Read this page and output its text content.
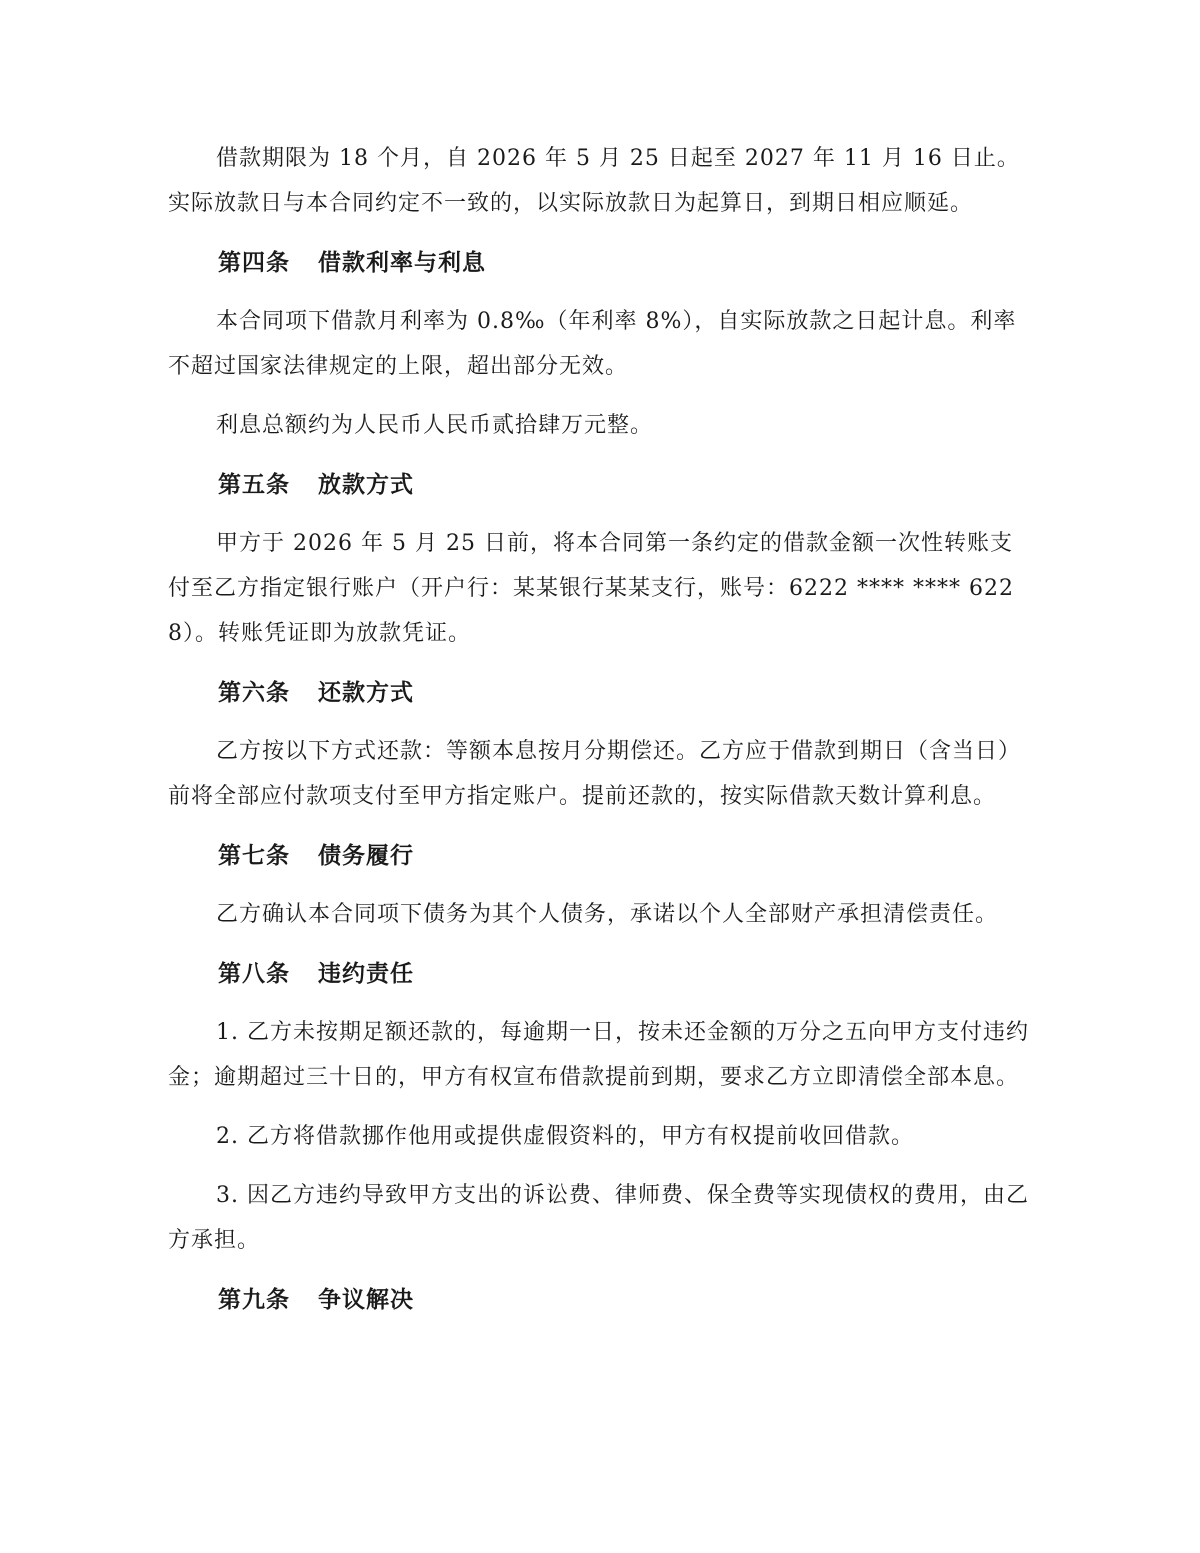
借款期限为 18 个月，自 2026 年 5 月 25 日起至 2027 年 11 月 16 日止。实际放款日与本合同约定不一致的，以实际放款日为起算日，到期日相应顺延。

第四条 借款利率与利息

本合同项下借款月利率为 0.8‰（年利率 8%），自实际放款之日起计息。利率不超过国家法律规定的上限，超出部分无效。

利息总额约为人民币人民币贰拾肆万元整。

第五条 放款方式

甲方于 2026 年 5 月 25 日前，将本合同第一条约定的借款金额一次性转账支付至乙方指定银行账户（开户行：某某银行某某支行，账号：6222 **** **** 6228）。转账凭证即为放款凭证。

第六条 还款方式

乙方按以下方式还款：等额本息按月分期偿还。乙方应于借款到期日（含当日）前将全部应付款项支付至甲方指定账户。提前还款的，按实际借款天数计算利息。

第七条 债务履行

乙方确认本合同项下债务为其个人债务，承诺以个人全部财产承担清偿责任。

第八条 违约责任

1. 乙方未按期足额还款的，每逾期一日，按未还金额的万分之五向甲方支付违约金；逾期超过三十日的，甲方有权宣布借款提前到期，要求乙方立即清偿全部本息。

2. 乙方将借款挪作他用或提供虚假资料的，甲方有权提前收回借款。

3. 因乙方违约导致甲方支出的诉讼费、律师费、保全费等实现债权的费用，由乙方承担。

第九条 争议解决
